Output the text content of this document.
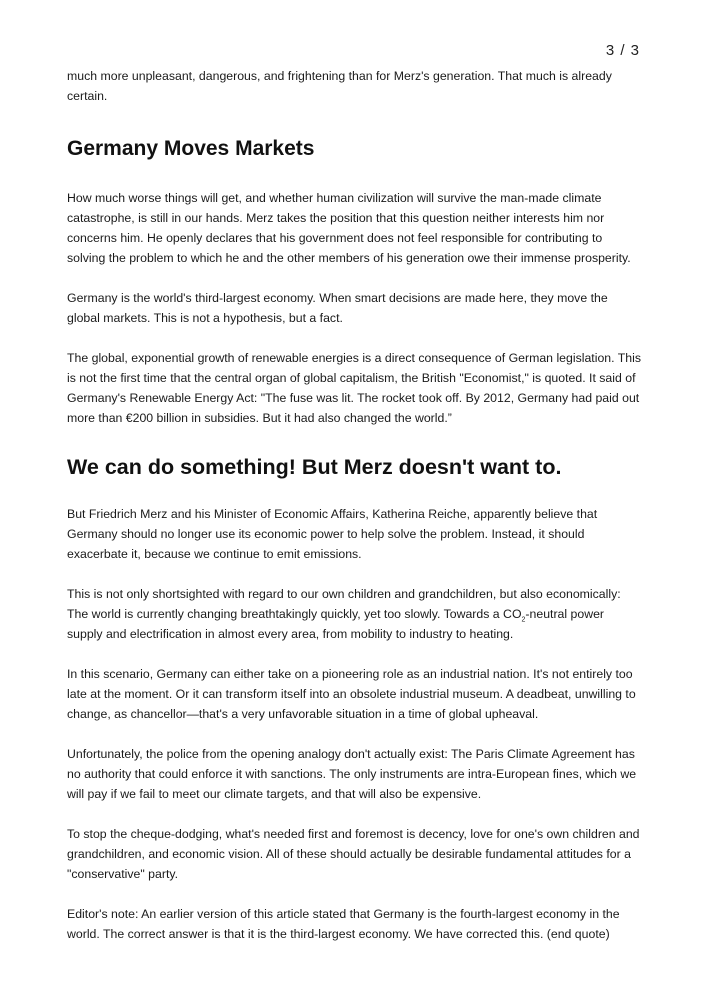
3 / 3

much more unpleasant, dangerous, and frightening than for Merz's generation. That much is already certain.

Germany Moves Markets

How much worse things will get, and whether human civilization will survive the man-made climate catastrophe, is still in our hands. Merz takes the position that this question neither interests him nor concerns him. He openly declares that his government does not feel responsible for contributing to solving the problem to which he and the other members of his generation owe their immense prosperity.

Germany is the world's third-largest economy. When smart decisions are made here, they move the global markets. This is not a hypothesis, but a fact.

The global, exponential growth of renewable energies is a direct consequence of German legislation. This is not the first time that the central organ of global capitalism, the British "Economist," is quoted. It said of Germany's Renewable Energy Act: "The fuse was lit. The rocket took off. By 2012, Germany had paid out more than €200 billion in subsidies. But it had also changed the world.”

We can do something! But Merz doesn't want to.

But Friedrich Merz and his Minister of Economic Affairs, Katherina Reiche, apparently believe that Germany should no longer use its economic power to help solve the problem. Instead, it should exacerbate it, because we continue to emit emissions.

This is not only shortsighted with regard to our own children and grandchildren, but also economically: The world is currently changing breathtakingly quickly, yet too slowly. Towards a $CO_2$-neutral power supply and electrification in almost every area, from mobility to industry to heating.

In this scenario, Germany can either take on a pioneering role as an industrial nation. It's not entirely too late at the moment. Or it can transform itself into an obsolete industrial museum. A deadbeat, unwilling to change, as chancellor—that's a very unfavorable situation in a time of global upheaval.

Unfortunately, the police from the opening analogy don't actually exist: The Paris Climate Agreement has no authority that could enforce it with sanctions. The only instruments are intra-European fines, which we will pay if we fail to meet our climate targets, and that will also be expensive.

To stop the cheque-dodging, what's needed first and foremost is decency, love for one's own children and grandchildren, and economic vision. All of these should actually be desirable fundamental attitudes for a "conservative" party.

Editor's note: An earlier version of this article stated that Germany is the fourth-largest economy in the world. The correct answer is that it is the third-largest economy. We have corrected this. (end quote)
